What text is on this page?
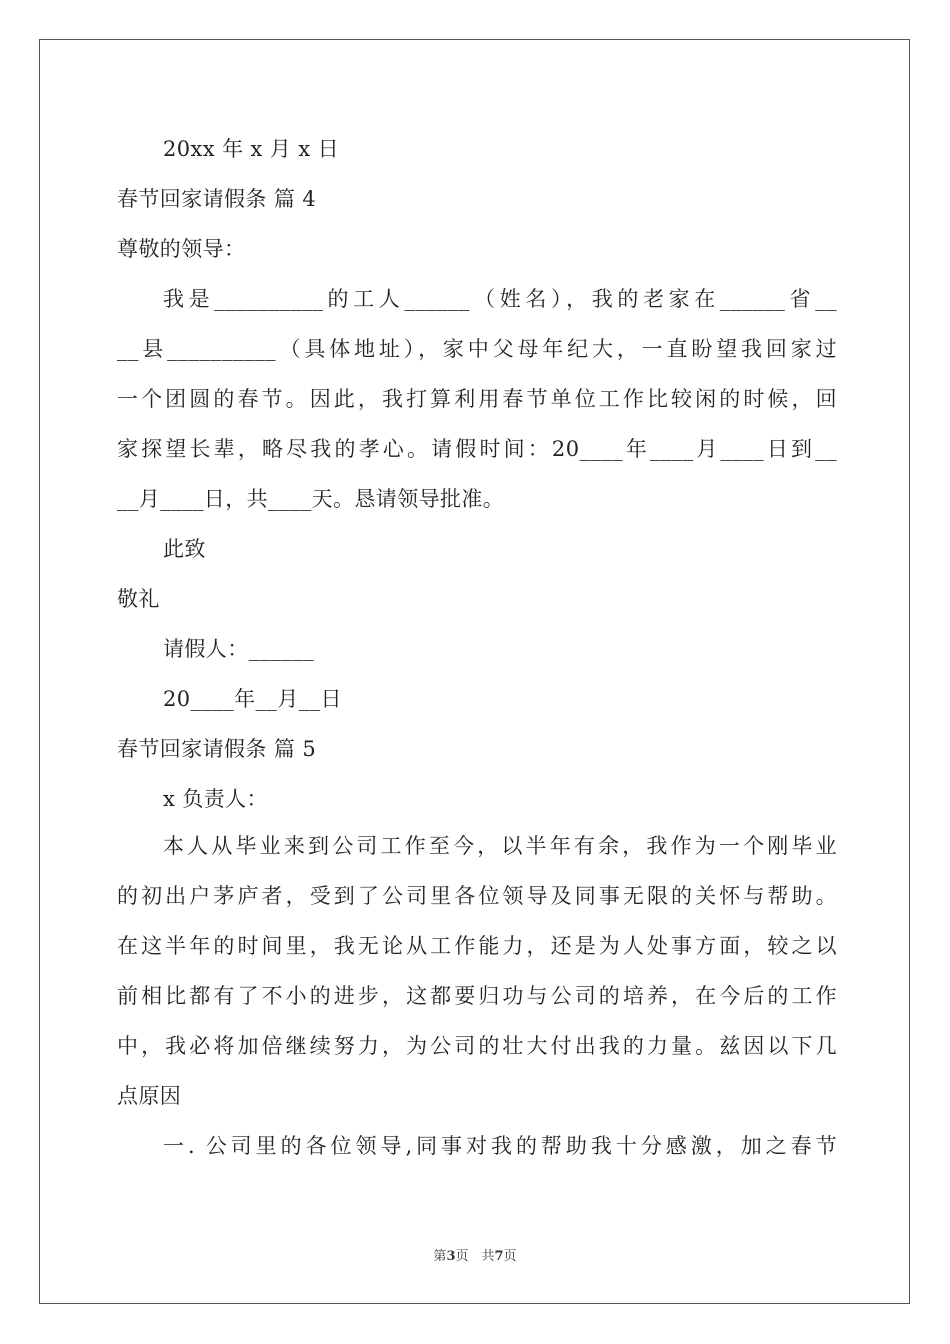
20xx 年 x 月 x 日
春节回家请假条 篇 4
尊敬的领导：
我是__________的工人______（姓名），我的老家在______省__
__县__________（具体地址），家中父母年纪大，一直盼望我回家过
一个团圆的春节。因此，我打算利用春节单位工作比较闲的时候，回
家探望长辈，略尽我的孝心。请假时间：20____年____月____日到__
__月____日，共____天。恳请领导批准。
此致
敬礼
请假人：______
20____年__月__日
春节回家请假条 篇 5
x 负责人：
本人从毕业来到公司工作至今，以半年有余，我作为一个刚毕业
的初出户茅庐者，受到了公司里各位领导及同事无限的关怀与帮助。
在这半年的时间里，我无论从工作能力，还是为人处事方面，较之以
前相比都有了不小的进步，这都要归功与公司的培养，在今后的工作
中，我必将加倍继续努力，为公司的壮大付出我的力量。兹因以下几
点原因
一. 公司里的各位领导,同事对我的帮助我十分感激，加之春节
第3页　共7页
